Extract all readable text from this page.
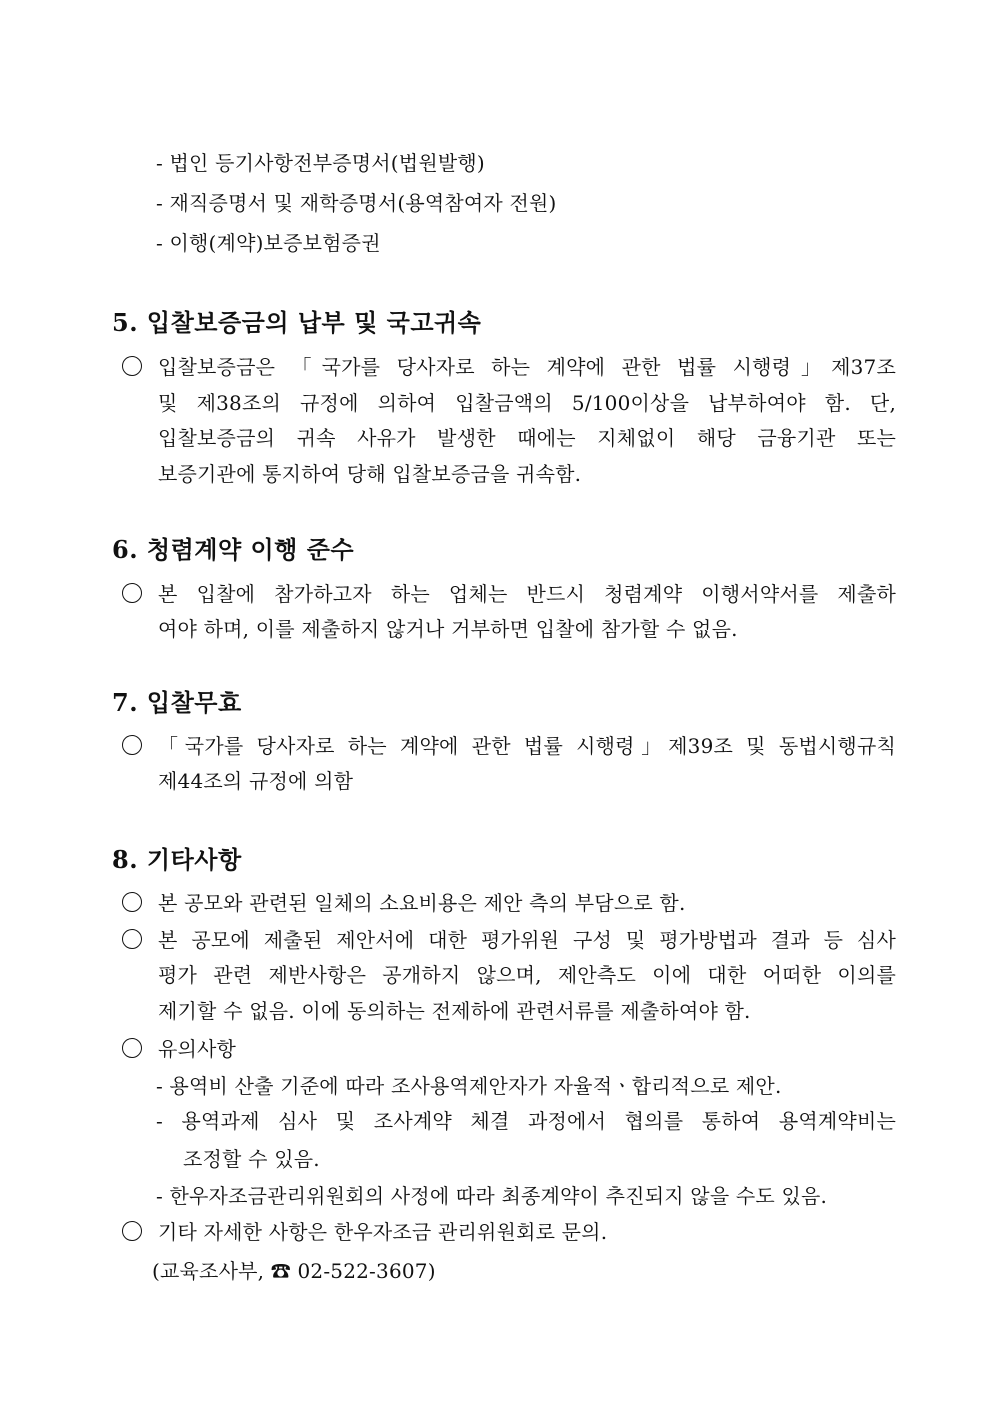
- 법인 등기사항전부증명서(법원발행)
- 재직증명서 및 재학증명서(용역참여자 전원)
- 이행(계약)보증보험증권
5. 입찰보증금의 납부 및 국고귀속
입찰보증금은 「국가를 당사자로 하는 계약에 관한 법률 시행령」제37조
및 제38조의 규정에 의하여 입찰금액의 5/100이상을 납부하여야 함. 단,
입찰보증금의 귀속 사유가 발생한 때에는 지체없이 해당 금융기관 또는
보증기관에 통지하여 당해 입찰보증금을 귀속함.
6. 청렴계약 이행 준수
본 입찰에 참가하고자 하는 업체는 반드시 청렴계약 이행서약서를 제출하
여야 하며, 이를 제출하지 않거나 거부하면 입찰에 참가할 수 없음.
7. 입찰무효
「국가를 당사자로 하는 계약에 관한 법률 시행령」제39조 및 동법시행규칙
제44조의 규정에 의함
8. 기타사항
본 공모와 관련된 일체의 소요비용은 제안 측의 부담으로 함.
본 공모에 제출된 제안서에 대한 평가위원 구성 및 평가방법과 결과 등 심사
평가 관련 제반사항은 공개하지 않으며, 제안측도 이에 대한 어떠한 이의를
제기할 수 없음. 이에 동의하는 전제하에 관련서류를 제출하여야 함.
유의사항
- 용역비 산출 기준에 따라 조사용역제안자가 자율적ㆍ합리적으로 제안.
- 용역과제 심사 및 조사계약 체결 과정에서 협의를 통하여 용역계약비는
조정할 수 있음.
- 한우자조금관리위원회의 사정에 따라 최종계약이 추진되지 않을 수도 있음.
기타 자세한 사항은 한우자조금 관리위원회로 문의.
(교육조사부, ☎ 02-522-3607)
